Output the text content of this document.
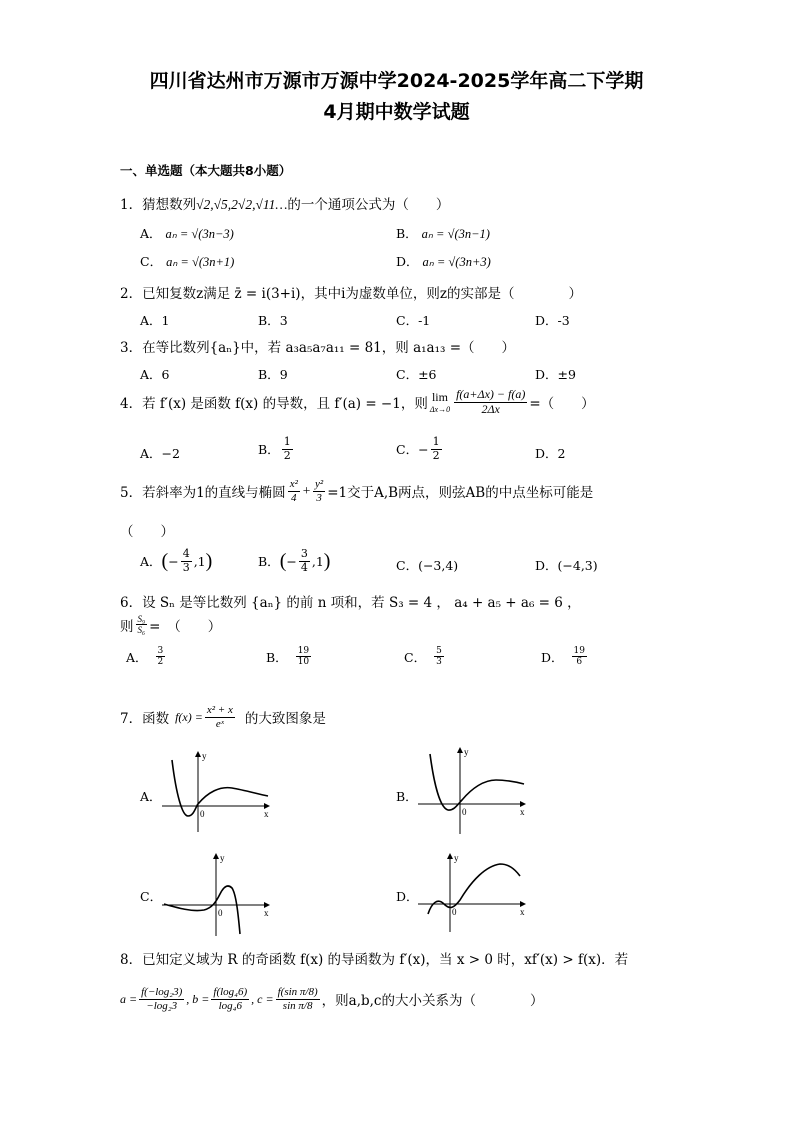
四川省达州市万源市万源中学2024-2025学年高二下学期
4月期中数学试题
一、单选题（本大题共8小题）
1．猜想数列√2,√5,2√2,√11…的一个通项公式为（　　）
A． aₙ = √(3n−3)	B． aₙ = √(3n−1)
C． aₙ = √(3n+1)	D． aₙ = √(3n+3)
2．已知复数z满足 z̄ = i(3+i)，其中i为虚数单位，则z的实部是（　　　　）
A．1	B．3	C．-1	D．-3
3．在等比数列{aₙ}中，若 a₃a₅a₇a₁₁ = 81，则 a₁a₁₃ =（　　）
A．6	B．9	C．±6	D．±9
4．若 f′(x) 是函数 f(x) 的导数，且 f′(a) = −1，则 lim
$\Delta x\to 0 \frac{f(a+\Delta x) - f(a)}{2\Delta x}$ =（　　）
A．−2	B． $\frac{1}{2}$	C． − $\frac{1}{2}$	D．2
5．若斜率为1的直线与椭圆 $\frac{\text{x²}}{4} + \frac{\text{y²}}{3} =1$交于A,B两点，则弦AB的中点坐标可能是
（　　）
A． ( − $\frac{4}{3} ,1$ )	B． ( − $\frac{3}{4} ,1$ )	C．(−3,4)	D．(−4,3)
6．设 Sₙ 是等比数列 {aₙ} 的前 n 项和，若 S₃ = 4 ， a₄ + a₅ + a₆ = 6 ，
则 $\frac{\text{S₉}}{\text{S₆}}$ =　（　　）
A． $\frac{3}{2}$	B． $\frac{19}{10}$	C． $\frac{5}{3}$	D． $\frac{19}{6}$
7．函数 $f(x) = \frac{\text{x² + x}}{\text{eˣ}}$ 的大致图象是
A．
y
x
0
B．
y
x
0
C．
y
x
0
D．
y
x
0
8．已知定义域为 R 的奇函数 f(x) 的导函数为 f′(x)，当 x > 0 时，xf′(x) > f(x)．若
$a = \frac{\text{f(−log₂3)}}{\text{−log₂3}}$ , $b = \frac{\text{f(log₄6)}}{\text{log₄6}}$ , $c = \frac{\text{f(sin π/8)}}{\text{sin π/8}}$ ，则a,b,c的大小关系为（　　　　）
